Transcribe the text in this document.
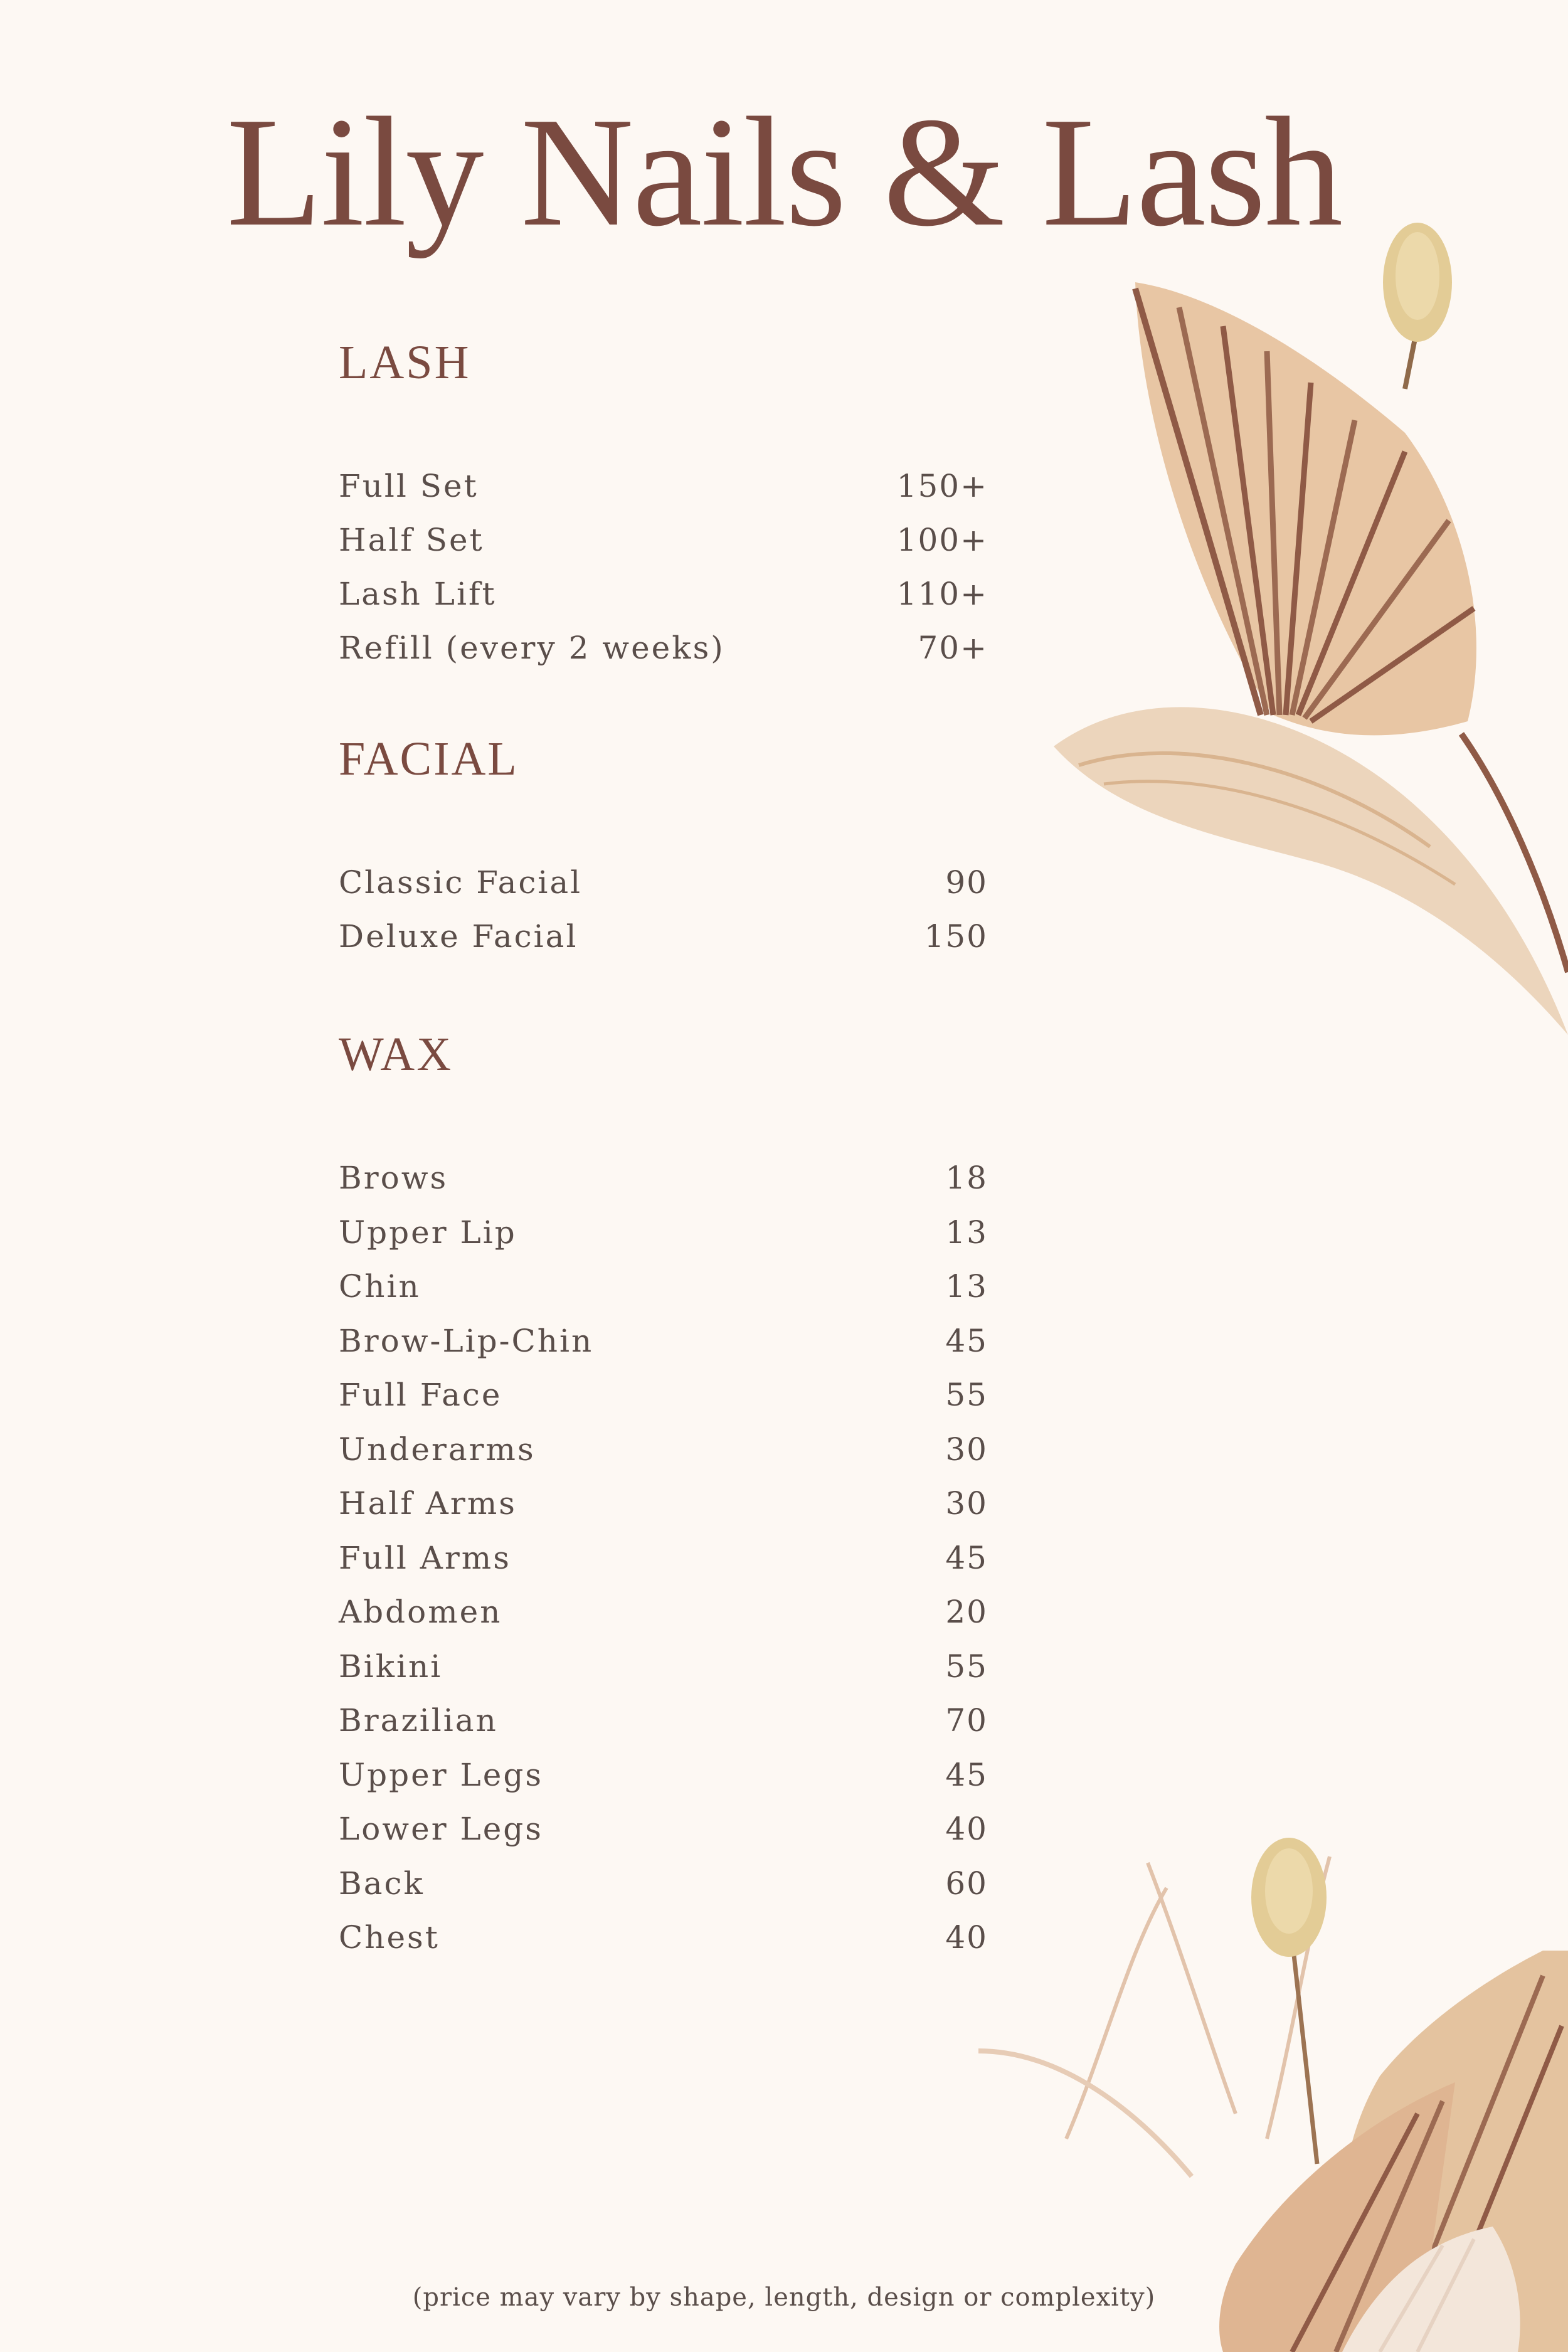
Lily Nails & Lash
LASH
Full Set	150+
Half Set	100+
Lash Lift	110+
Refill (every 2 weeks)	70+
FACIAL
Classic Facial	90
Deluxe Facial	150
WAX
Brows	18
Upper Lip	13
Chin	13
Brow-Lip-Chin	45
Full Face	55
Underarms	30
Half Arms	30
Full Arms	45
Abdomen	20
Bikini	55
Brazilian	70
Upper Legs	45
Lower Legs	40
Back	60
Chest	40
(price may vary by shape, length, design or complexity)
